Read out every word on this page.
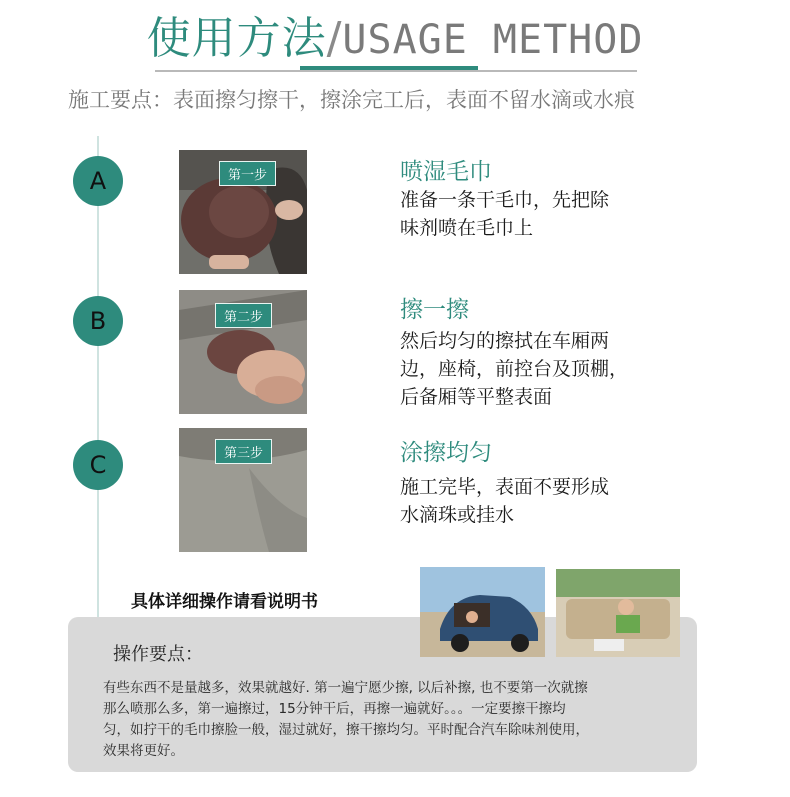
使用方法/USAGE METHOD
施工要点：表面擦匀擦干，擦涂完工后，表面不留水滴或水痕
A	第一步	喷湿毛巾
准备一条干毛巾，先把除
味剂喷在毛巾上
B	第二步	擦一擦
然后均匀的擦拭在车厢两
边，座椅，前控台及顶棚，
后备厢等平整表面
C	第三步	涂擦均匀
施工完毕，表面不要形成
水滴珠或挂水
具体详细操作请看说明书
操作要点：
有些东西不是量越多，效果就越好. 第一遍宁愿少擦, 以后补擦, 也不要第一次就擦
那么喷那么多，第一遍擦过，15分钟干后，再擦一遍就好。。。一定要擦干擦均
匀，如拧干的毛巾擦脸一般，湿过就好，擦干擦均匀。平时配合汽车除味剂使用，
效果将更好。
